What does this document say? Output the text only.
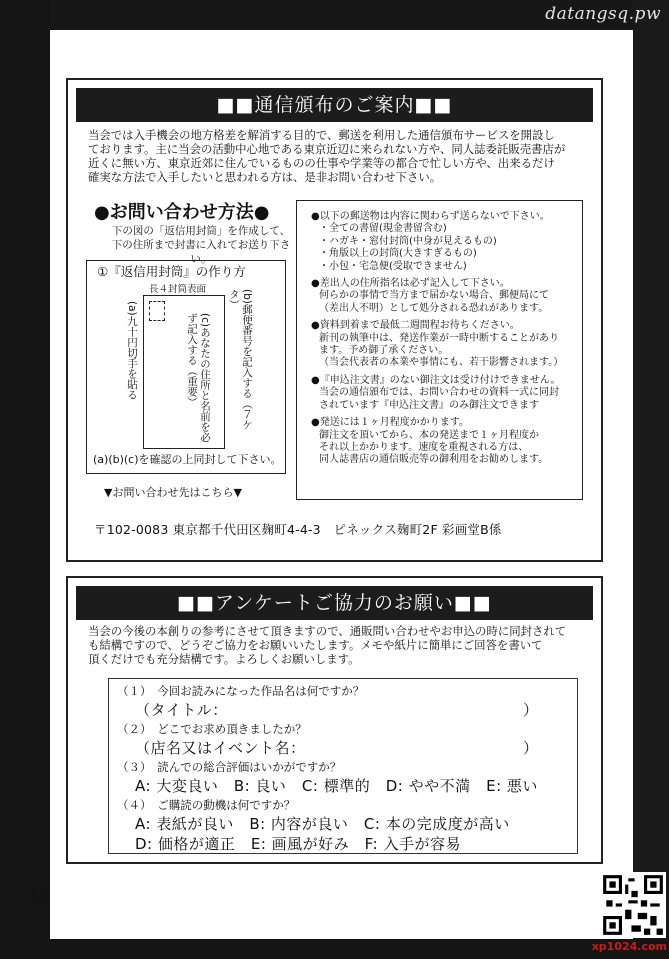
datangsq.pw
■■通信頒布のご案内■■
当会では入手機会の地方格差を解消する目的で、郵送を利用した通信頒布サービスを開設し
ております。主に当会の活動中心地である東京近辺に来られない方や、同人誌委託販売書店が
近くに無い方、東京近郊に住んでいるものの仕事や学業等の都合で忙しい方や、出来るだけ
確実な方法で入手したいと思われる方は、是非お問い合わせ下さい。
●お問い合わせ方法●
下の図の「返信用封筒」を作成して、
下の住所まで封書に入れてお送り下さい。
①『返信用封筒』の作り方
長４封筒表面
(a)九十円切手を貼る	(c)あなたの住所と名前を必ず記入する（重要）	(b)郵便番号を記入する（７ケタ）
(a)(b)(c)を確認の上同封して下さい。
▼お問い合わせ先はこちら▼

●以下の郵送物は内容に関わらず送らないで下さい。
・全ての書留(現金書留含む)
・ハガキ・窓付封筒(中身が見えるもの)
・角版以上の封筒(大きすぎるもの)
・小包・宅急便(受取できません)

●差出人の住所指名は必ず記入して下さい。
何らかの事情で当方まで届かない場合、郵便局にて
（差出人不明）として処分される恐れがあります。

●資料到着まで最低二週間程お待ちください。
新刊の執筆中は、発送作業が一時中断することがあり
ます。予め御了承ください。
（当会代表者の本業や事情にも、若干影響されます。）

●『申込注文書』のない御注文は受け付けできません。
当会の通信頒布では、お問い合わせの資料一式に同封
されています『申込注文書』のみ御注文できます

●発送には１ヶ月程度かかります。
御注文を頂いてから、本の発送まで１ヶ月程度か
それ以上かかります。速度を重視される方は、
同人誌書店の通信販売等の御利用をお勧めします。

〒102-0083 東京都千代田区麹町4-4-3　ピネックス麹町2F 彩画堂B係
■■アンケートご協力のお願い■■
当会の今後の本創りの参考にさせて頂きますので、通販問い合わせやお申込の時に同封されて
も結構ですので、どうぞご協力をお願いいたします。メモや紙片に簡単にご回答を書いて
頂くだけでも充分結構です。よろしくお願いします。
（１）　今回お読みになった作品名は何ですか？
（タイトル：	）
（２）　どこでお求め頂きましたか？
（店名又はイベント名：	）
（３）　読んでの総合評価はいかがですか？
A: 大変良い　B: 良い　C: 標準的　D: やや不満　E: 悪い
（４）　ご購読の動機は何ですか？
A: 表紙が良い　B: 内容が良い　C: 本の完成度が高い
D: 価格が適正　E: 画風が好み　F: 入手が容易
52
xp1024.com
